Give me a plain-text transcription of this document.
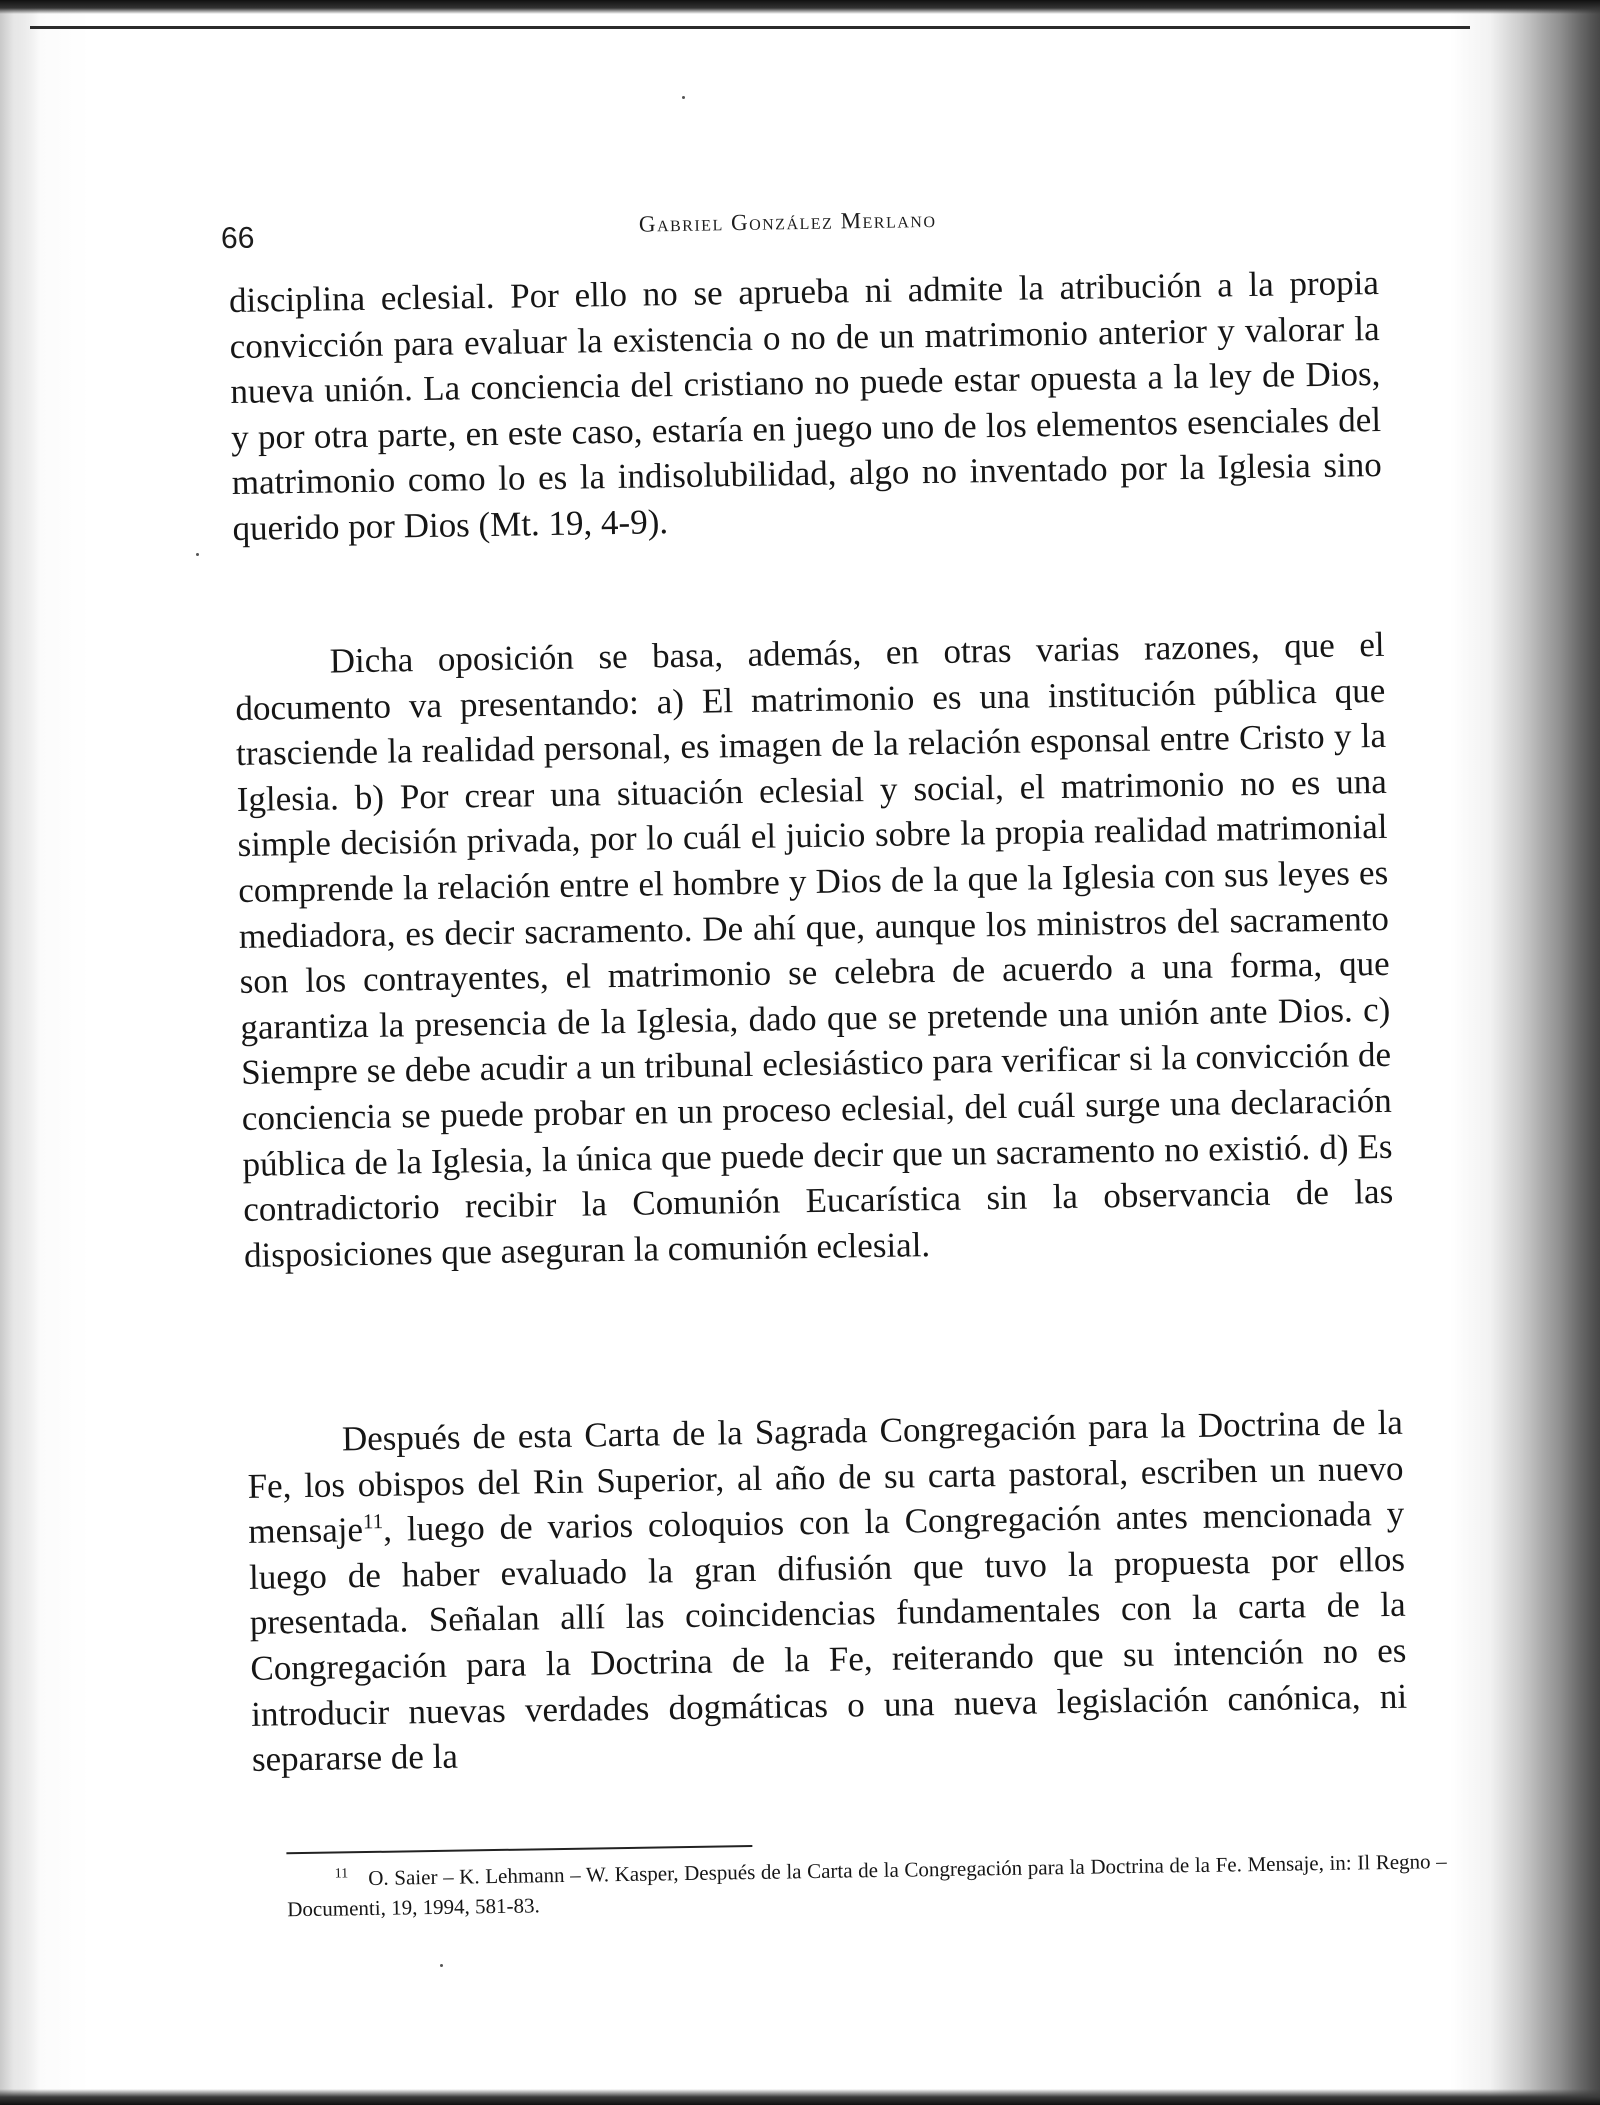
66	Gabriel González Merlano

disciplina eclesial. Por ello no se aprueba ni admite la atribución a la propia convicción para evaluar la existencia o no de un matrimonio anterior y valorar la nueva unión. La conciencia del cristiano no puede estar opuesta a la ley de Dios, y por otra parte, en este caso, estaría en juego uno de los elementos esenciales del matrimonio como lo es la indisolubilidad, algo no inventado por la Iglesia sino querido por Dios (Mt. 19, 4-9).

Dicha oposición se basa, además, en otras varias razones, que el documento va presentando: a) El matrimonio es una institución pública que trasciende la realidad personal, es imagen de la relación esponsal entre Cristo y la Iglesia. b) Por crear una situación eclesial y social, el matrimonio no es una simple decisión privada, por lo cuál el juicio sobre la propia realidad matrimonial comprende la relación entre el hombre y Dios de la que la Iglesia con sus leyes es mediadora, es decir sacramento. De ahí que, aunque los ministros del sacramento son los contrayentes, el matrimonio se celebra de acuerdo a una forma, que garantiza la presencia de la Iglesia, dado que se pretende una unión ante Dios. c) Siempre se debe acudir a un tribunal eclesiástico para verificar si la convicción de conciencia se puede probar en un proceso eclesial, del cuál surge una declaración pública de la Iglesia, la única que puede decir que un sacramento no existió. d) Es contradictorio recibir la Comunión Eucarística sin la observancia de las disposiciones que aseguran la comunión eclesial.

Después de esta Carta de la Sagrada Congregación para la Doctrina de la Fe, los obispos del Rin Superior, al año de su carta pastoral, escriben un nuevo mensaje$^{11}$, luego de varios coloquios con la Congregación antes mencionada y luego de haber evaluado la gran difusión que tuvo la propuesta por ellos presentada. Señalan allí las coincidencias fundamentales con la carta de la Congregación para la Doctrina de la Fe, reiterando que su intención no es introducir nuevas verdades dogmáticas o una nueva legislación canónica, ni separarse de la

$^{11}$ O. Saier – K. Lehmann – W. Kasper, Después de la Carta de la Congregación para la Doctrina de la Fe. Mensaje, in: Il Regno – Documenti, 19, 1994, 581-83.
